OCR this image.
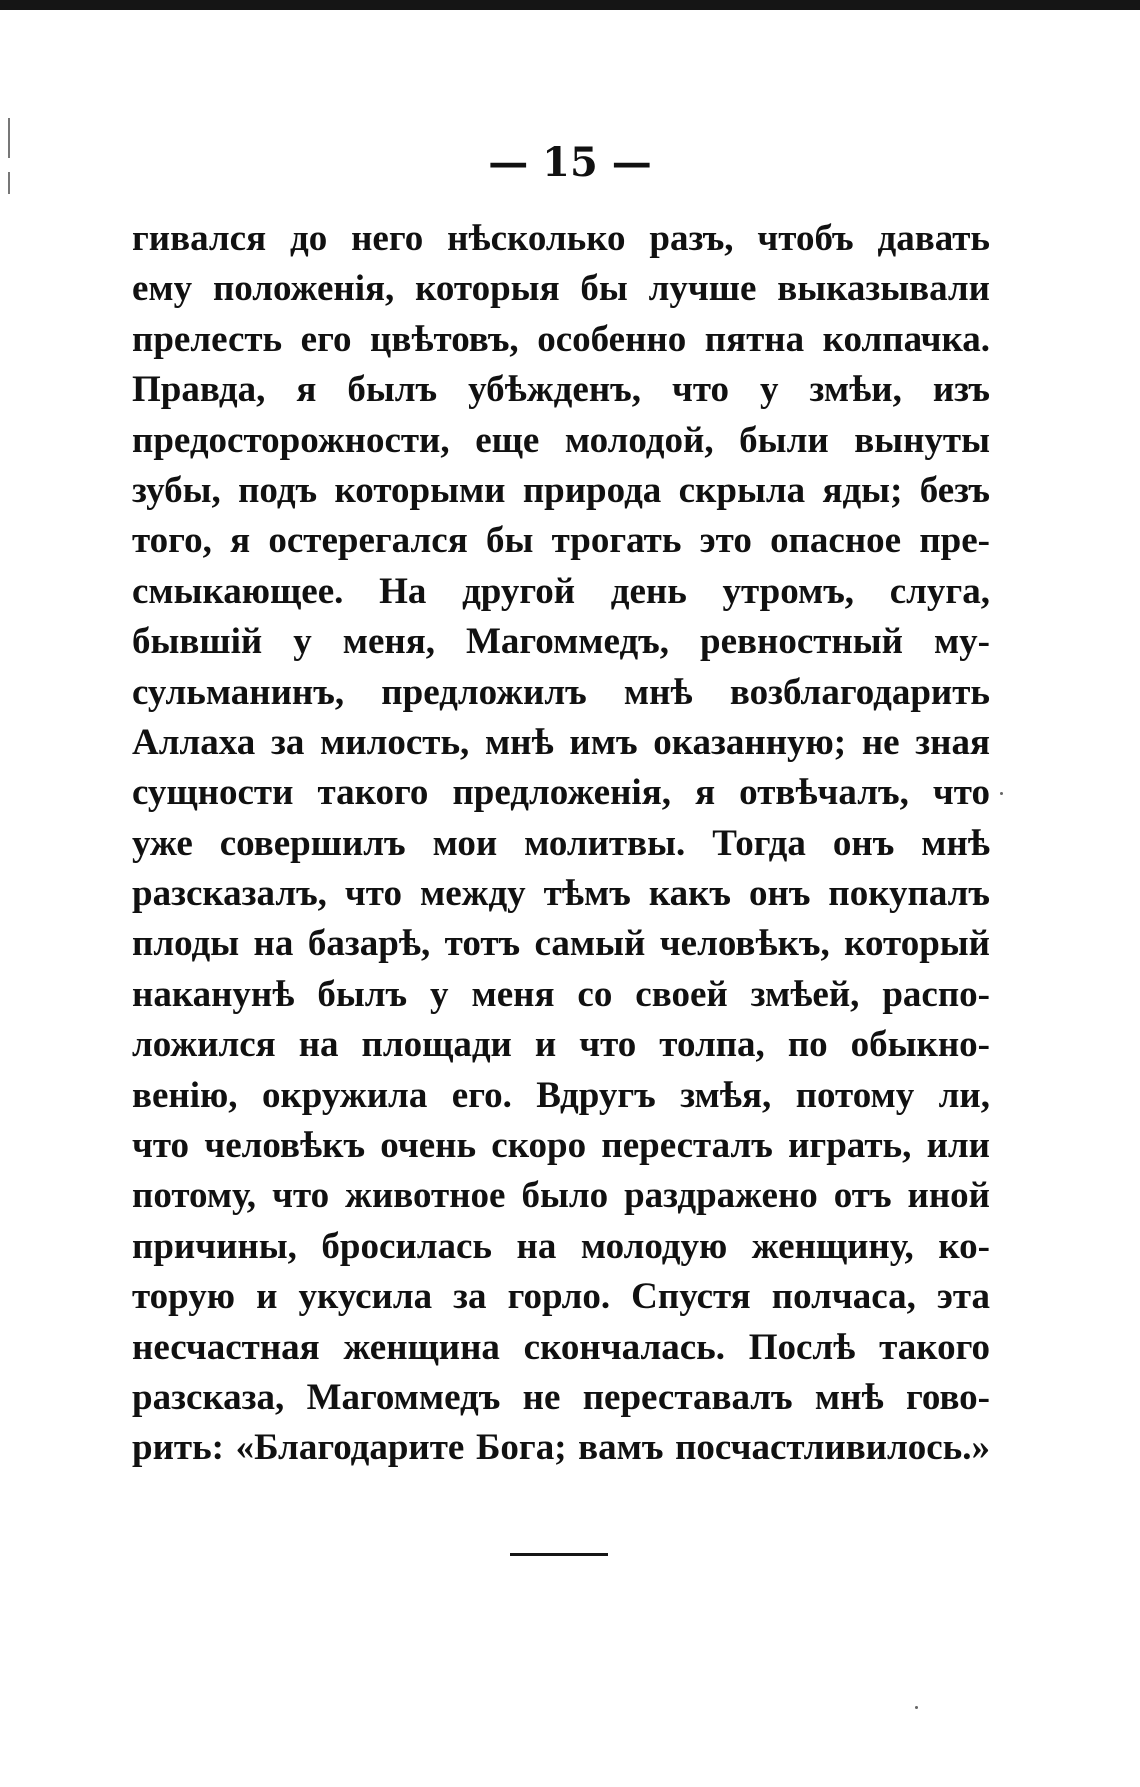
— 15 —
гивался до него нѣсколько разъ, чтобъ давать
ему положенія, которыя бы лучше выказывали
прелесть его цвѣтовъ, особенно пятна колпачка.
Правда, я былъ убѣжденъ, что у змѣи, изъ
предосторожности, еще молодой, были вынуты
зубы, подъ которыми природа скрыла яды; безъ
того, я остерегался бы трогать это опасное пре-
смыкающее. На другой день утромъ, слуга,
бывшій у меня, Магоммедъ, ревностный му-
сульманинъ, предложилъ мнѣ возблагодарить
Аллаха за милость, мнѣ имъ оказанную; не зная
сущности такого предложенія, я отвѣчалъ, что
уже совершилъ мои молитвы. Тогда онъ мнѣ
разсказалъ, что между тѣмъ какъ онъ покупалъ
плоды на базарѣ, тотъ самый человѣкъ, который
наканунѣ былъ у меня со своей змѣей, распо-
ложился на площади и что толпа, по обыкно-
венію, окружила его. Вдругъ змѣя, потому ли,
что человѣкъ очень скоро пересталъ играть, или
потому, что животное было раздражено отъ иной
причины, бросилась на молодую женщину, ко-
торую и укусила за горло. Спустя полчаса, эта
несчастная женщина скончалась. Послѣ такого
разсказа, Магоммедъ не переставалъ мнѣ гово-
рить: «Благодарите Бога; вамъ посчастливилось.»
